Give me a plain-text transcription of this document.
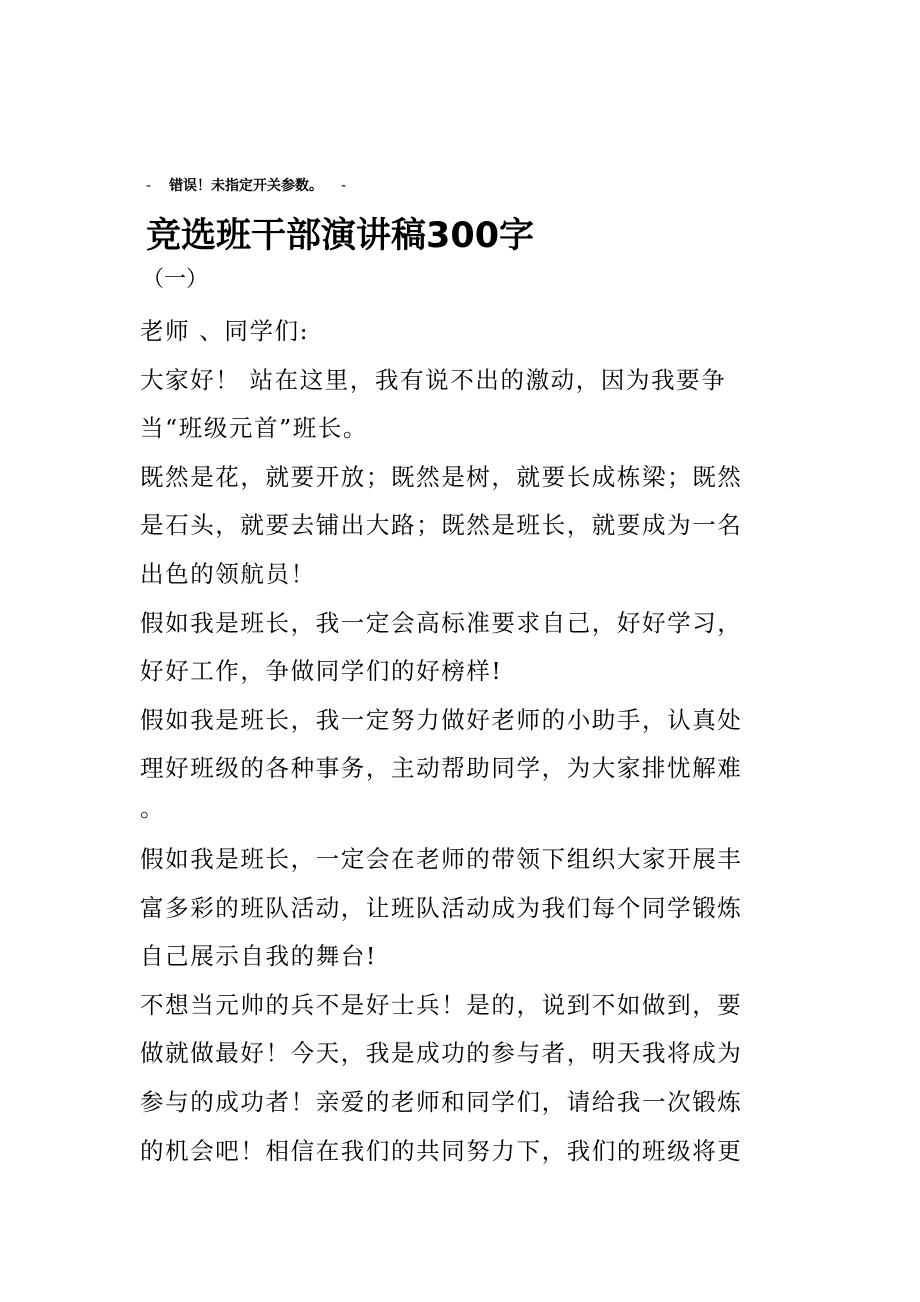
- 错误！未指定开关参数。 -
竞选班干部演讲稿300字
（一）
老师 、同学们:
大家好！ 站在这里，我有说不出的激动，因为我要争
当“班级元首”班长。
既然是花，就要开放；既然是树，就要长成栋梁；既然
是石头，就要去铺出大路；既然是班长，就要成为一名
出色的领航员！
假如我是班长，我一定会高标准要求自己，好好学习，
好好工作，争做同学们的好榜样!
假如我是班长，我一定努力做好老师的小助手，认真处
理好班级的各种事务，主动帮助同学，为大家排忧解难
。
假如我是班长，一定会在老师的带领下组织大家开展丰
富多彩的班队活动，让班队活动成为我们每个同学锻炼
自己展示自我的舞台!
不想当元帅的兵不是好士兵！是的，说到不如做到，要
做就做最好！今天，我是成功的参与者，明天我将成为
参与的成功者！亲爱的老师和同学们，请给我一次锻炼
的机会吧！相信在我们的共同努力下，我们的班级将更
